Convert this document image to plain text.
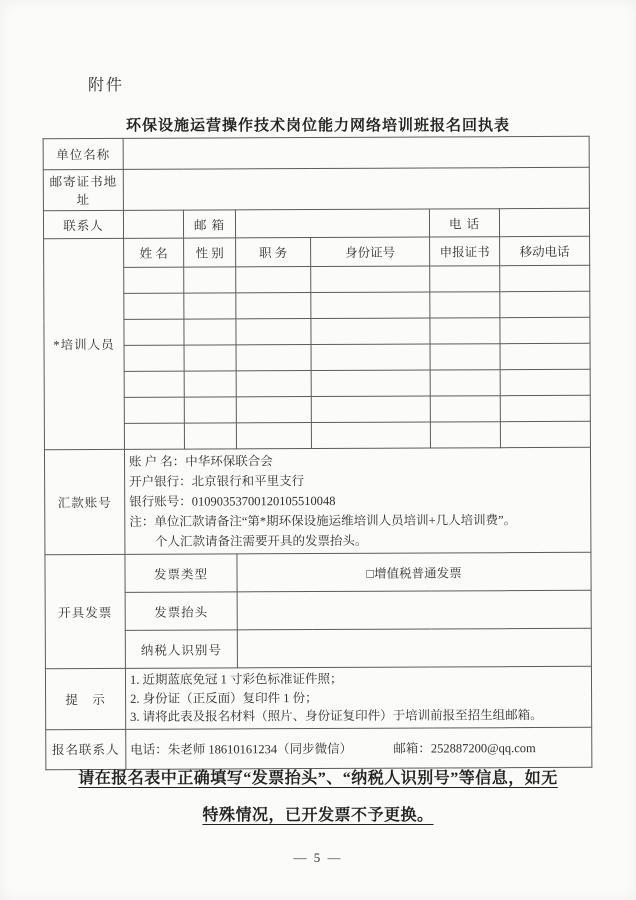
附件
环保设施运营操作技术岗位能力网络培训班报名回执表
单位名称						
邮寄证书地址						
联系人		邮 箱			电 话	
*培训人员	姓 名	性 别	职 务	身份证号	申报证书	移动电话

汇款账号	账 户 名：中华环保联合会
开户银行：北京银行和平里支行
银行账号：01090353700120105510048
注：单位汇款请备注“第*期环保设施运维培训人员培训+几人培训费”。
个人汇款请备注需要开具的发票抬头。					

开具发票	发票类型		□增值税普通发票			
	发票抬头					
	纳税人识别号					
提　示	1. 近期蓝底免冠 1 寸彩色标准证件照；
2. 身份证（正反面）复印件 1 份；
3. 请将此表及报名材料（照片、身份证复印件）于培训前报至招生组邮箱。					

报名联系人	电话：朱老师 18610161234（同步微信） 邮箱：252887200@qq.com					
请在报名表中正确填写“发票抬头”、“纳税人识别号”等信息，如无
特殊情况，已开发票不予更换。
— 5 —
